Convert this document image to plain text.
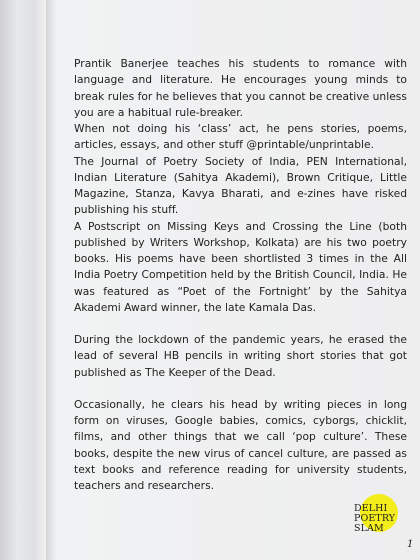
Prantik Banerjee teaches his students to romance with language and literature. He encourages young minds to break rules for he believes that you cannot be creative unless you are a habitual rule-breaker.

When not doing his ‘class’ act, he pens stories, poems, articles, essays, and other stuff @printable/unprintable.

The Journal of Poetry Society of India, PEN International, Indian Literature (Sahitya Akademi), Brown Critique, Little Magazine, Stanza, Kavya Bharati, and e-zines have risked publishing his stuff.

A Postscript on Missing Keys and Crossing the Line (both published by Writers Workshop, Kolkata) are his two poetry books. His poems have been shortlisted 3 times in the All India Poetry Competition held by the British Council, India. He was featured as “Poet of the Fortnight’ by the Sahitya Akademi Award winner, the late Kamala Das.

During the lockdown of the pandemic years, he erased the lead of several HB pencils in writing short stories that got published as The Keeper of the Dead.

Occasionally, he clears his head by writing pieces in long form on viruses, Google babies, comics, cyborgs, chicklit, films, and other things that we call ‘pop culture’. These books, despite the new virus of cancel culture, are passed as text books and reference reading for university students, teachers and researchers.

DELHI
POETRY
SLAM
1
